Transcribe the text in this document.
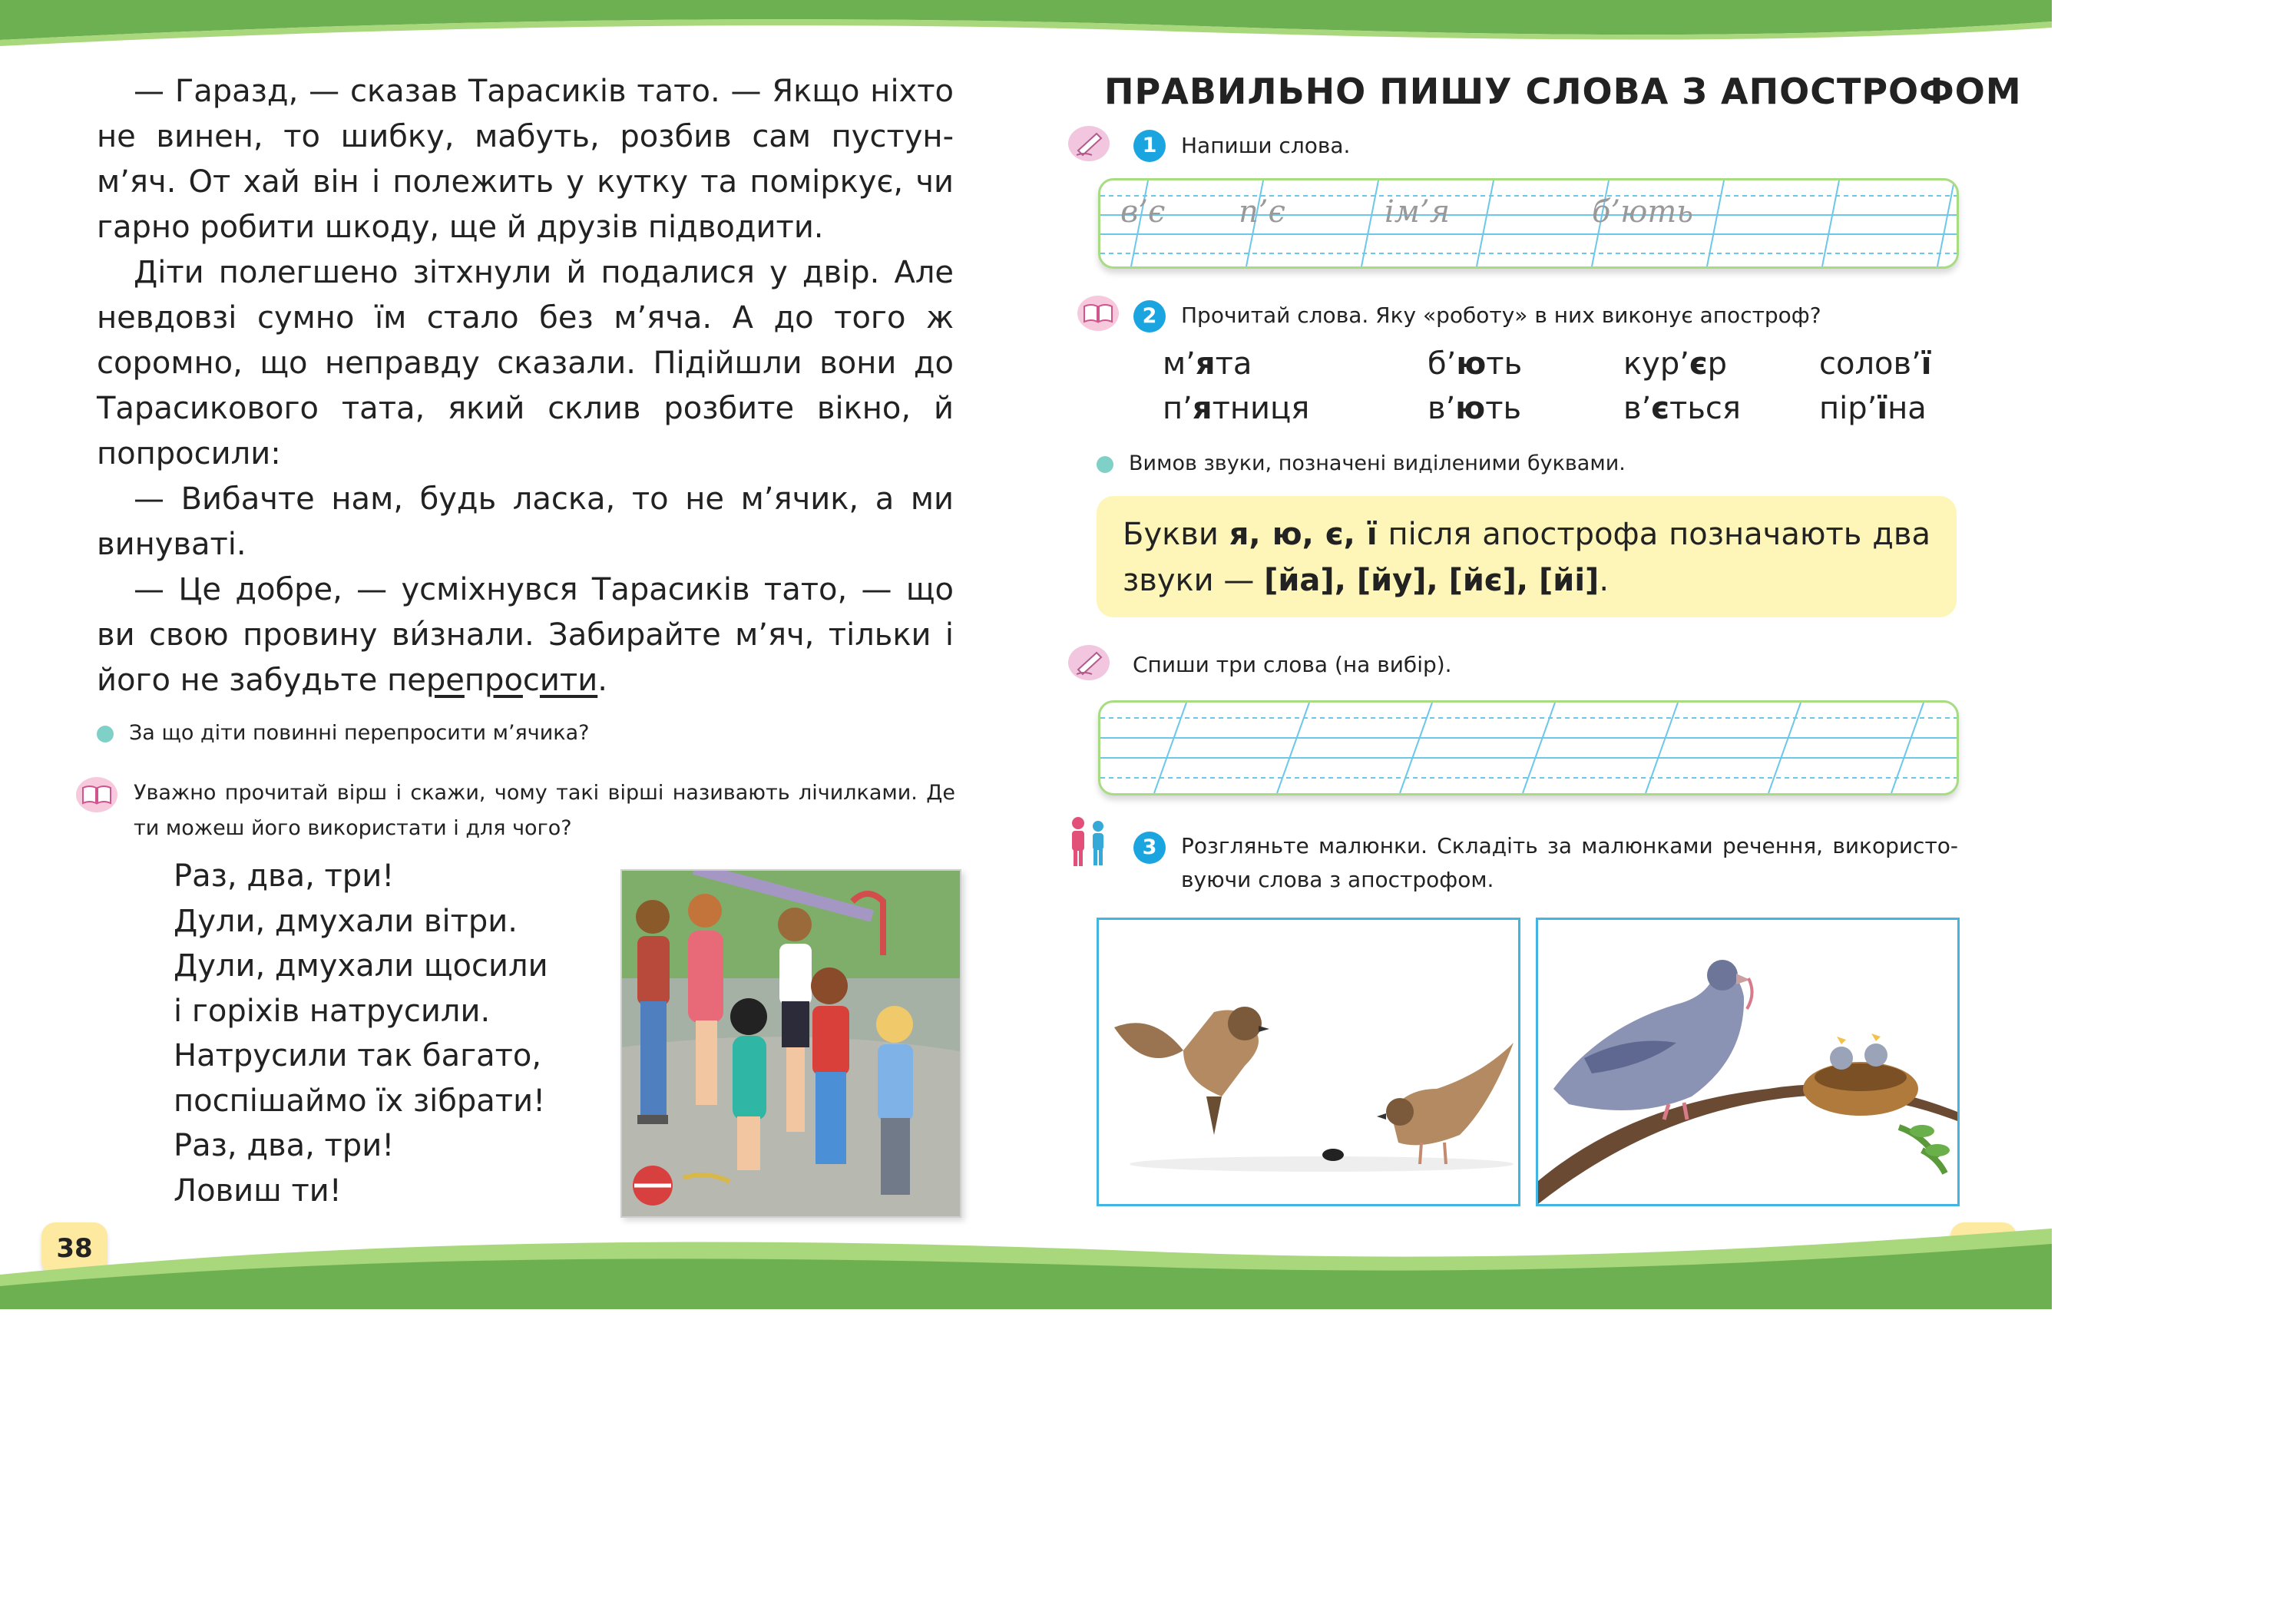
— Гаразд, — сказав Тарасиків тато. — Якщо ніхто не винен, то шибку, мабуть, розбив сам пустун-м’яч. От хай він і полежить у кутку та поміркує, чи гарно робити шкоду, ще й друзів підводити.

Діти полегшено зітхнули й подалися у двір. Але невдовзі сумно їм стало без м’яча. А до того ж соромно, що неправду сказали. Підійшли вони до Тарасикового тата, який склив розбите вікно, й попросили:

— Вибачте нам, будь ласка, то не м’ячик, а ми винуваті.

— Це добре, — усміхнувся Тарасиків тато, — що ви свою провину ви́знали. Забирайте м’яч, тільки і його не забудьте перепросити.

За що діти повинні перепросити м’ячика?
Уважно прочитай вірш і скажи, чому такі вірші називають лічилками. Де ти можеш його використати і для чого?
Раз, два, три!
Дули, дмухали вітри.
Дули, дмухали щосили
і горіхів натрусили.
Натрусили так багато,
поспішаймо їх зібрати!
Раз, два, три!
Ловиш ти!
38
ПРАВИЛЬНО ПИШУ СЛОВА З АПОСТРОФОМ
1	Напиши слова.
в’є п’є	ім’я	б’ють
2	Прочитай слова. Яку «роботу» в них виконує апостроф?
м’ята	б’ють	кур’єр	солов’ї
п’ятниця	в’ють	в’ється	пір’їна
Вимов звуки, позначені виділеними буквами.
Букви я, ю, є, ї після апострофа позначають два звуки — [йа], [йу], [йє], [йі].
Спиши три слова (на вибір).
3	Розгляньте малюнки. Складіть за малюнками речення, використовуючи слова з апострофом.
